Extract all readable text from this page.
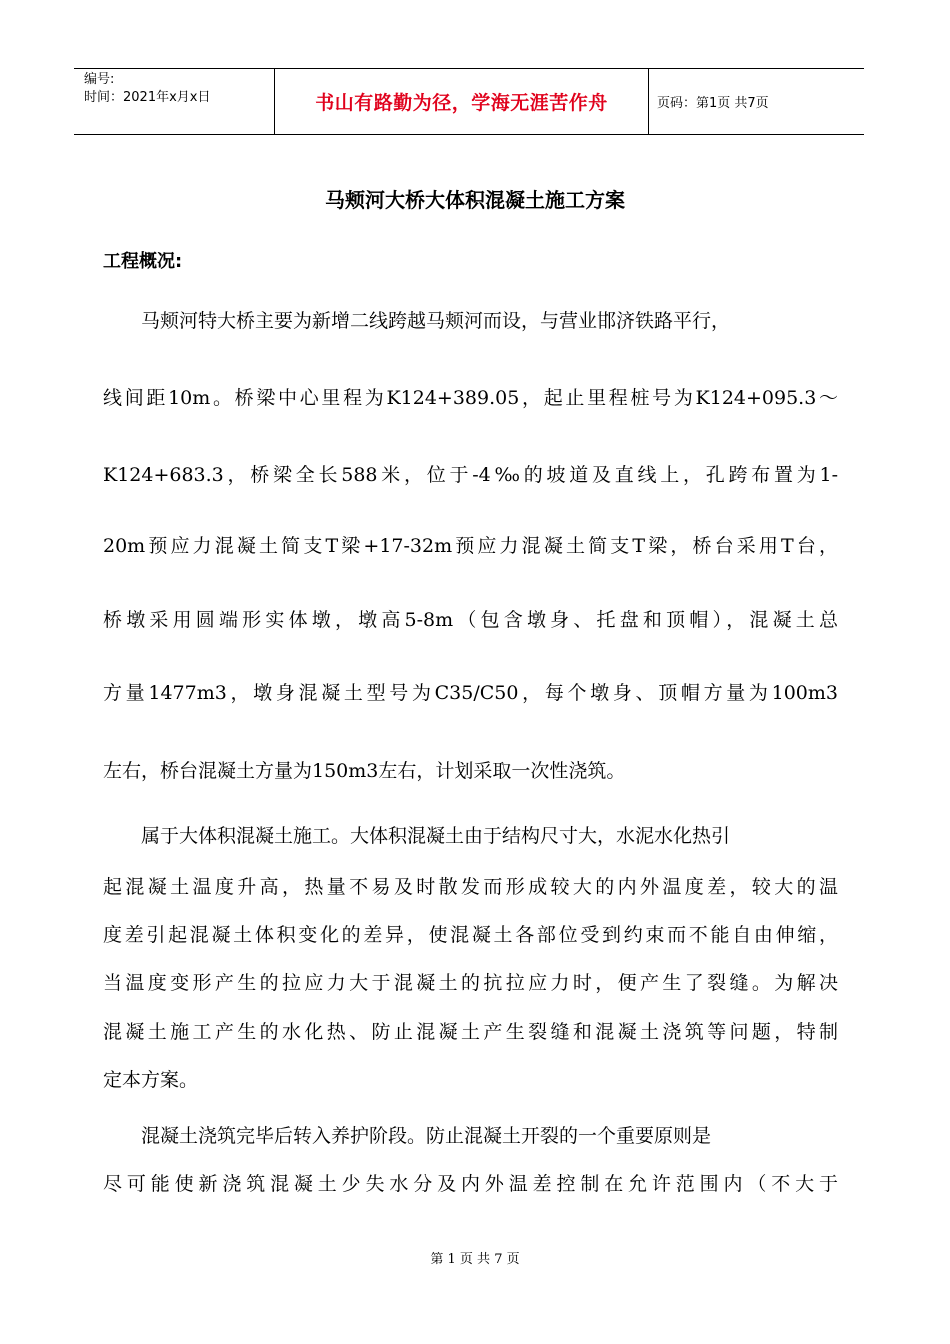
编号:
时间：2021年x月x日	书山有路勤为径，学海无涯苦作舟	页码：第1页 共7页
马颊河大桥大体积混凝土施工方案
工程概况:
马颊河特大桥主要为新增二线跨越马颊河而设，与营业邯济铁路平行，
线间距10m。桥梁中心里程为K124+389.05，起止里程桩号为K124+095.3～
K124+683.3，桥梁全长588米，位于-4‰的坡道及直线上，孔跨布置为1-
20m预应力混凝土简支T梁+17-32m预应力混凝土简支T梁，桥台采用T台，
桥墩采用圆端形实体墩，墩高5-8m（包含墩身、托盘和顶帽），混凝土总
方量1477m3，墩身混凝土型号为C35/C50，每个墩身、顶帽方量为100m3
左右，桥台混凝土方量为150m3左右，计划采取一次性浇筑。
属于大体积混凝土施工。大体积混凝土由于结构尺寸大，水泥水化热引
起混凝土温度升高，热量不易及时散发而形成较大的内外温度差，较大的温
度差引起混凝土体积变化的差异，使混凝土各部位受到约束而不能自由伸缩，
当温度变形产生的拉应力大于混凝土的抗拉应力时，便产生了裂缝。为解决
混凝土施工产生的水化热、防止混凝土产生裂缝和混凝土浇筑等问题，特制
定本方案。
混凝土浇筑完毕后转入养护阶段。防止混凝土开裂的一个重要原则是
尽可能使新浇筑混凝土少失水分及内外温差控制在允许范围内（不大于
第 1 页 共 7 页
